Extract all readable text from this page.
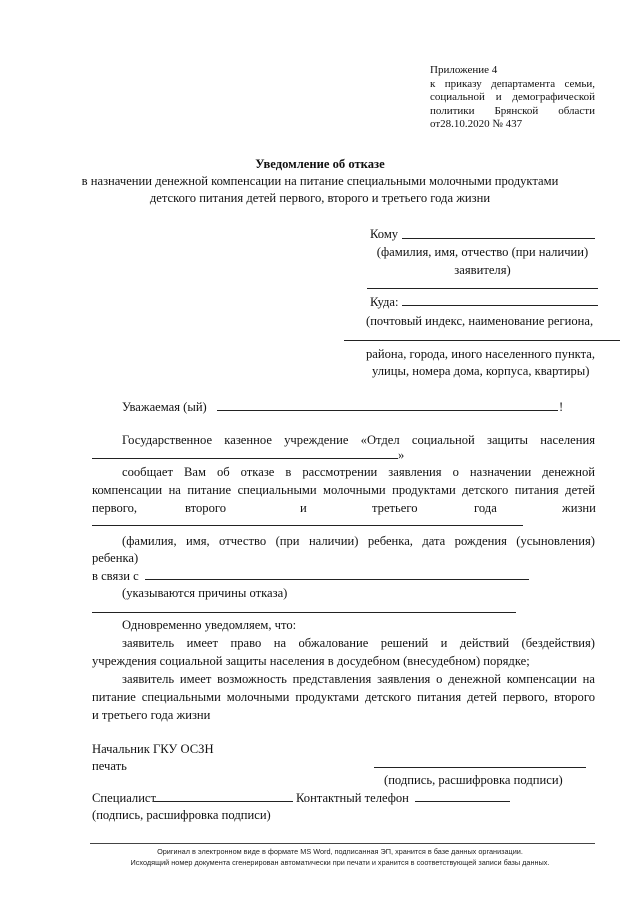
Приложение 4
к приказу департамента семьи,
социальной и демографической
политики Брянской области
от28.10.2020 № 437
Уведомление об отказе
в назначении денежной компенсации на питание специальными молочными продуктами
детского питания детей первого, второго и третьего года жизни
Кому
(фамилия, имя, отчество (при наличии)
заявителя)
Куда:
(почтовый индекс, наименование региона,
района, города, иного населенного пункта,
улицы, номера дома, корпуса, квартиры)
Уважаемая (ый)	!
Государственное казенное учреждение «Отдел социальной защиты населения
»
сообщает Вам об отказе в рассмотрении заявления о назначении денежной
компенсации на питание специальными молочными продуктами детского питания детей
первого,	второго	и	третьего	года	жизни
(фамилия, имя, отчество (при наличии) ребенка, дата рождения (усыновления)
ребенка)
в связи с
(указываются причины отказа)
Одновременно уведомляем, что:
заявитель имеет право на обжалование решений и действий (бездействия)
учреждения социальной защиты населения в досудебном (внесудебном) порядке;
заявитель имеет возможность представления заявления о денежной компенсации на
питание специальными молочными продуктами детского питания детей первого, второго
и третьего года жизни
Начальник ГКУ ОСЗН
печать
(подпись, расшифровка подписи)
Специалист	Контактный телефон
(подпись, расшифровка подписи)
Оригинал в электронном виде в формате MS Word, подписанная ЭП, хранится в базе данных организации.
Исходящий номер документа сгенерирован автоматически при печати и хранится в соответствующей записи базы данных.
